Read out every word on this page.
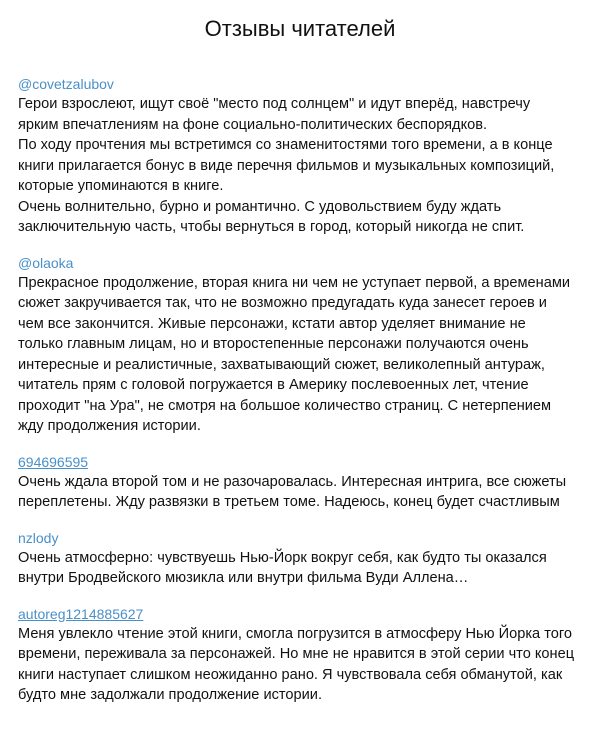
Отзывы читателей
@covetzalubov

Герои взрослеют, ищут своё "место под солнцем" и идут вперёд, навстречу

ярким впечатлениям на фоне социально-политических беспорядков.

По ходу прочтения мы встретимся со знаменитостями того времени, а в конце

книги прилагается бонус в виде перечня фильмов и музыкальных композиций,

которые упоминаются в книге.

Очень волнительно, бурно и романтично. С удовольствием буду ждать

заключительную часть, чтобы вернуться в город, который никогда не спит.

@olaoka

Прекрасное продолжение, вторая книга ни чем не уступает первой, а временами

сюжет закручивается так, что не возможно предугадать куда занесет героев и

чем все закончится. Живые персонажи, кстати автор уделяет внимание не

только главным лицам, но и второстепенные персонажи получаются очень

интересные и реалистичные, захватывающий сюжет, великолепный антураж,

читатель прям с головой погружается в Америку послевоенных лет, чтение

проходит "на Ура", не смотря на большое количество страниц. С нетерпением

жду продолжения истории.

694696595

Очень ждала второй том и не разочаровалась. Интересная интрига, все сюжеты

переплетены. Жду развязки в третьем томе. Надеюсь, конец будет счастливым

nzlody

Очень атмосферно: чувствуешь Нью-Йорк вокруг себя, как будто ты оказался

внутри Бродвейского мюзикла или внутри фильма Вуди Аллена…

autoreg1214885627

Меня увлекло чтение этой книги, смогла погрузится в атмосферу Нью Йорка того

времени, переживала за персонажей. Но мне не нравится в этой серии что конец

книги наступает слишком неожиданно рано. Я чувствовала себя обманутой, как

будто мне задолжали продолжение истории.
